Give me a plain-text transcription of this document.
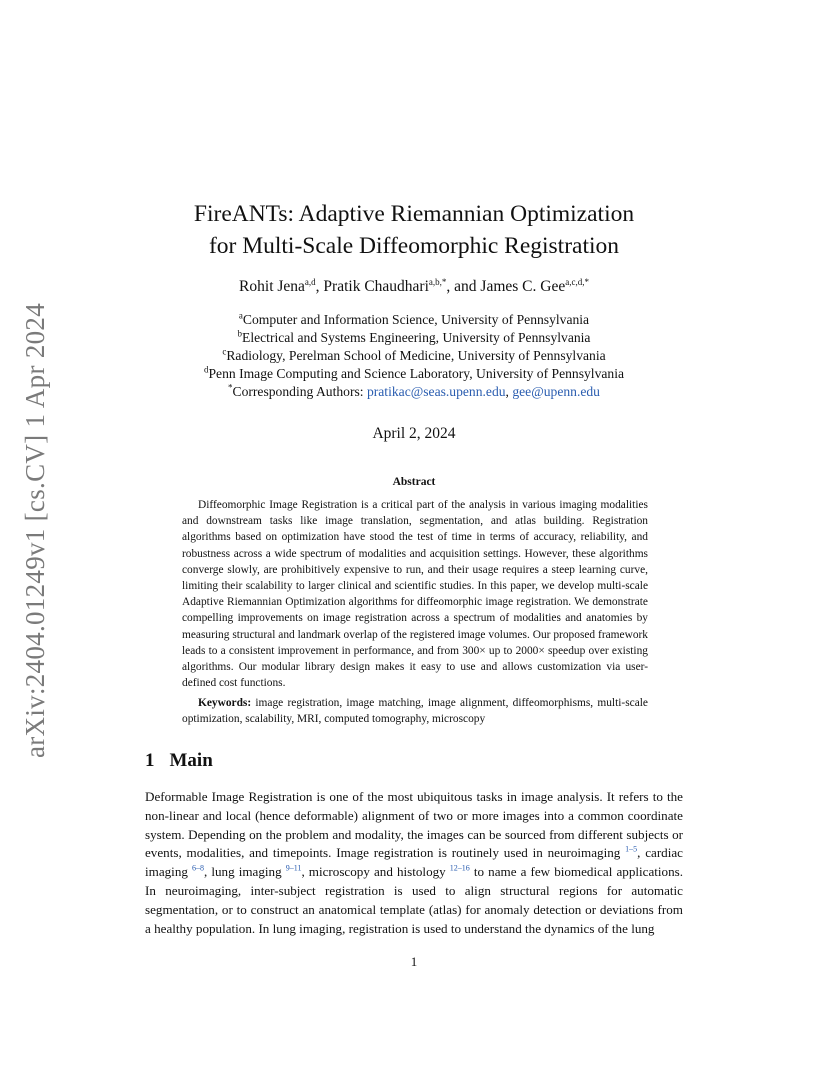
arXiv:2404.01249v1 [cs.CV] 1 Apr 2024
FireANTs: Adaptive Riemannian Optimization
for Multi-Scale Diffeomorphic Registration
Rohit Jena$^{a,d}$, Pratik Chaudhari$^{a,b,*}$, and James C. Gee$^{a,c,d,*}$
$^a$Computer and Information Science, University of Pennsylvania
$^b$Electrical and Systems Engineering, University of Pennsylvania
$^c$Radiology, Perelman School of Medicine, University of Pennsylvania
$^d$Penn Image Computing and Science Laboratory, University of Pennsylvania
*Corresponding Authors: pratikac@seas.upenn.edu, gee@upenn.edu
April 2, 2024
Abstract

Diffeomorphic Image Registration is a critical part of the analysis in various imaging modalities and downstream tasks like image translation, segmentation, and atlas building. Registration algorithms based on optimization have stood the test of time in terms of accuracy, reliability, and robustness across a wide spectrum of modalities and acquisition settings. However, these algorithms converge slowly, are prohibitively expensive to run, and their usage requires a steep learning curve, limiting their scalability to larger clinical and scientific studies. In this paper, we develop multi-scale Adaptive Riemannian Optimization algorithms for diffeomorphic image registration. We demonstrate compelling improvements on image registration across a spectrum of modalities and anatomies by measuring structural and landmark overlap of the registered image volumes. Our proposed framework leads to a consistent improvement in performance, and from 300× up to 2000× speedup over existing algorithms. Our modular library design makes it easy to use and allows customization via user-defined cost functions.

Keywords: image registration, image matching, image alignment, diffeomorphisms, multi-scale optimization, scalability, MRI, computed tomography, microscopy
1 Main

Deformable Image Registration is one of the most ubiquitous tasks in image analysis. It refers to the non-linear and local (hence deformable) alignment of two or more images into a common coordinate system. Depending on the problem and modality, the images can be sourced from different subjects or events, modalities, and timepoints. Image registration is routinely used in neuroimaging $^{1-5}$, cardiac imaging $^{6-8}$, lung imaging $^{9-11}$, microscopy and histology $^{12-16}$ to name a few biomedical applications. In neuroimaging, inter-subject registration is used to align structural regions for automatic segmentation, or to construct an anatomical template (atlas) for anomaly detection or deviations from a healthy population. In lung imaging, registration is used to understand the dynamics of the lung

1
